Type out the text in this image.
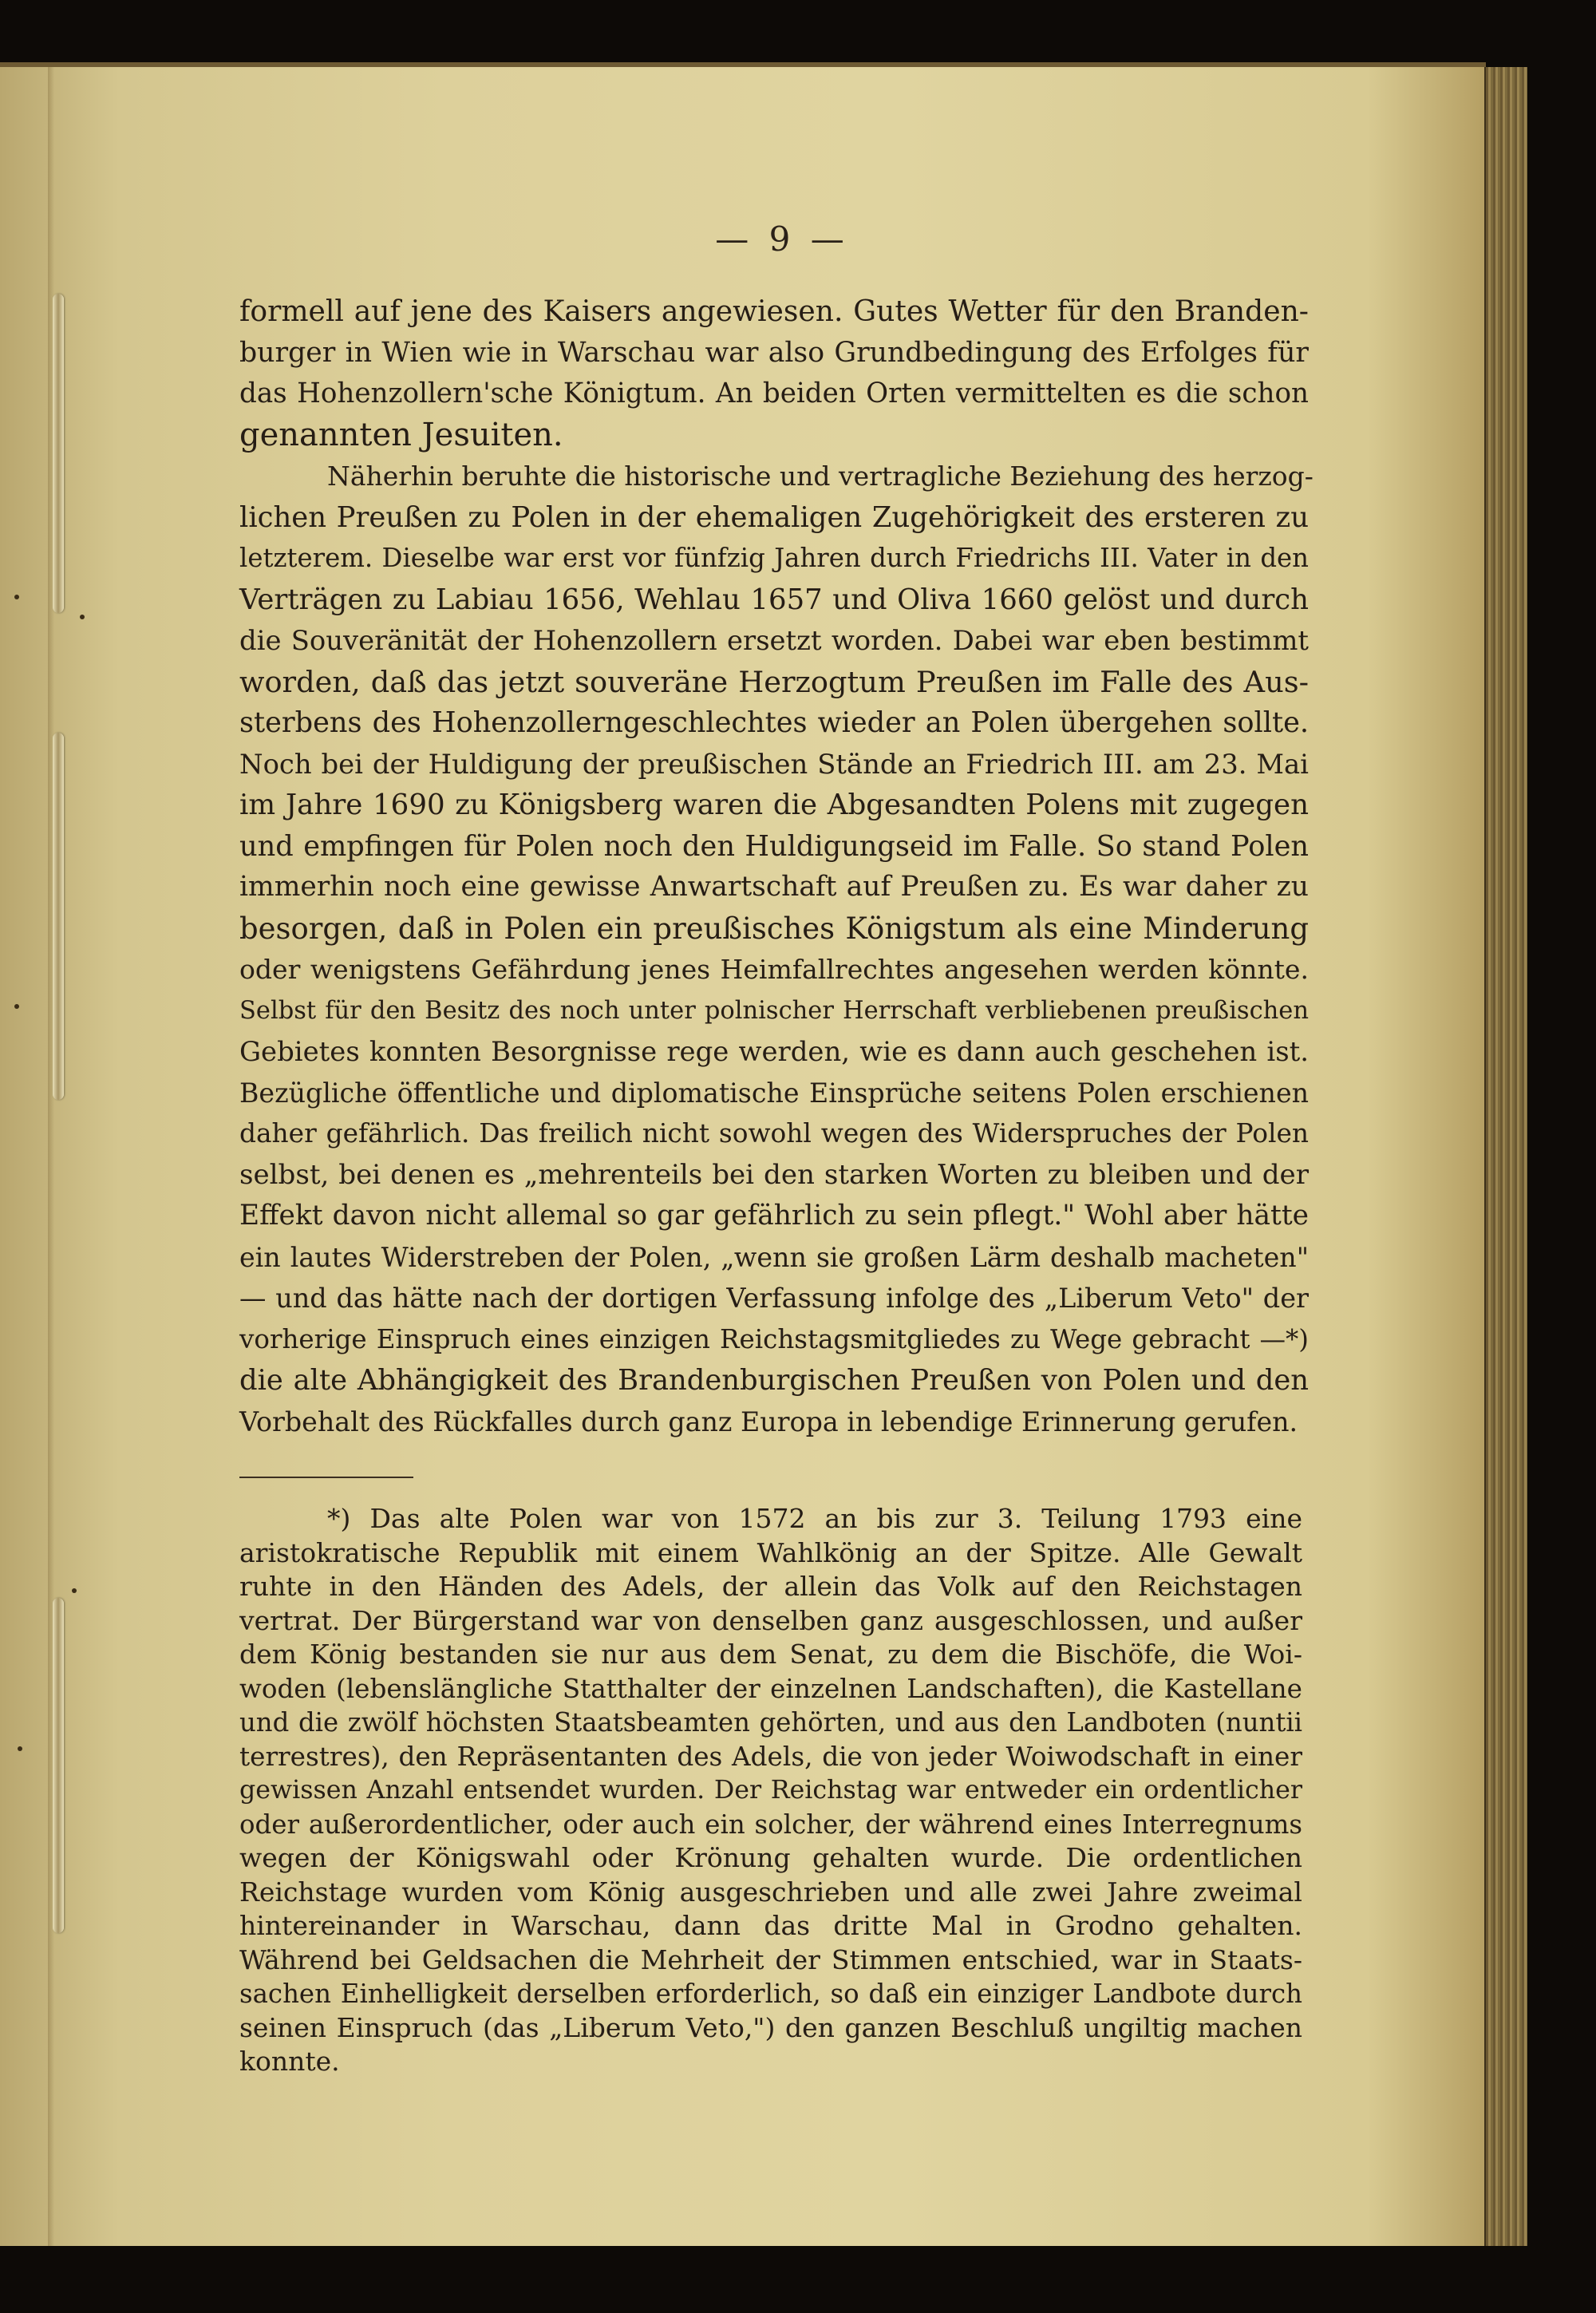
— 9 —
formell auf jene des Kaisers angewiesen. Gutes Wetter für den Branden-
burger in Wien wie in Warschau war also Grundbedingung des Erfolges für
das Hohenzollern'sche Königtum. An beiden Orten vermittelten es die schon
genannten Jesuiten.
Näherhin beruhte die historische und vertragliche Beziehung des herzog-
lichen Preußen zu Polen in der ehemaligen Zugehörigkeit des ersteren zu
letzterem. Dieselbe war erst vor fünfzig Jahren durch Friedrichs III. Vater in den
Verträgen zu Labiau 1656, Wehlau 1657 und Oliva 1660 gelöst und durch
die Souveränität der Hohenzollern ersetzt worden. Dabei war eben bestimmt
worden, daß das jetzt souveräne Herzogtum Preußen im Falle des Aus-
sterbens des Hohenzollerngeschlechtes wieder an Polen übergehen sollte.
Noch bei der Huldigung der preußischen Stände an Friedrich III. am 23. Mai
im Jahre 1690 zu Königsberg waren die Abgesandten Polens mit zugegen
und empfingen für Polen noch den Huldigungseid im Falle. So stand Polen
immerhin noch eine gewisse Anwartschaft auf Preußen zu. Es war daher zu
besorgen, daß in Polen ein preußisches Königstum als eine Minderung
oder wenigstens Gefährdung jenes Heimfallrechtes angesehen werden könnte.
Selbst für den Besitz des noch unter polnischer Herrschaft verbliebenen preußischen
Gebietes konnten Besorgnisse rege werden, wie es dann auch geschehen ist.
Bezügliche öffentliche und diplomatische Einsprüche seitens Polen erschienen
daher gefährlich. Das freilich nicht sowohl wegen des Widerspruches der Polen
selbst, bei denen es „mehrenteils bei den starken Worten zu bleiben und der
Effekt davon nicht allemal so gar gefährlich zu sein pflegt." Wohl aber hätte
ein lautes Widerstreben der Polen, „wenn sie großen Lärm deshalb macheten"
— und das hätte nach der dortigen Verfassung infolge des „Liberum Veto" der
vorherige Einspruch eines einzigen Reichstagsmitgliedes zu Wege gebracht —*)
die alte Abhängigkeit des Brandenburgischen Preußen von Polen und den
Vorbehalt des Rückfalles durch ganz Europa in lebendige Erinnerung gerufen.
*) Das alte Polen war von 1572 an bis zur 3. Teilung 1793 eine
aristokratische Republik mit einem Wahlkönig an der Spitze. Alle Gewalt
ruhte in den Händen des Adels, der allein das Volk auf den Reichstagen
vertrat. Der Bürgerstand war von denselben ganz ausgeschlossen, und außer
dem König bestanden sie nur aus dem Senat, zu dem die Bischöfe, die Woi-
woden (lebenslängliche Statthalter der einzelnen Landschaften), die Kastellane
und die zwölf höchsten Staatsbeamten gehörten, und aus den Landboten (nuntii
terrestres), den Repräsentanten des Adels, die von jeder Woiwodschaft in einer
gewissen Anzahl entsendet wurden. Der Reichstag war entweder ein ordentlicher
oder außerordentlicher, oder auch ein solcher, der während eines Interregnums
wegen der Königswahl oder Krönung gehalten wurde. Die ordentlichen
Reichstage wurden vom König ausgeschrieben und alle zwei Jahre zweimal
hintereinander in Warschau, dann das dritte Mal in Grodno gehalten.
Während bei Geldsachen die Mehrheit der Stimmen entschied, war in Staats-
sachen Einhelligkeit derselben erforderlich, so daß ein einziger Landbote durch
seinen Einspruch (das „Liberum Veto,") den ganzen Beschluß ungiltig machen
konnte.
